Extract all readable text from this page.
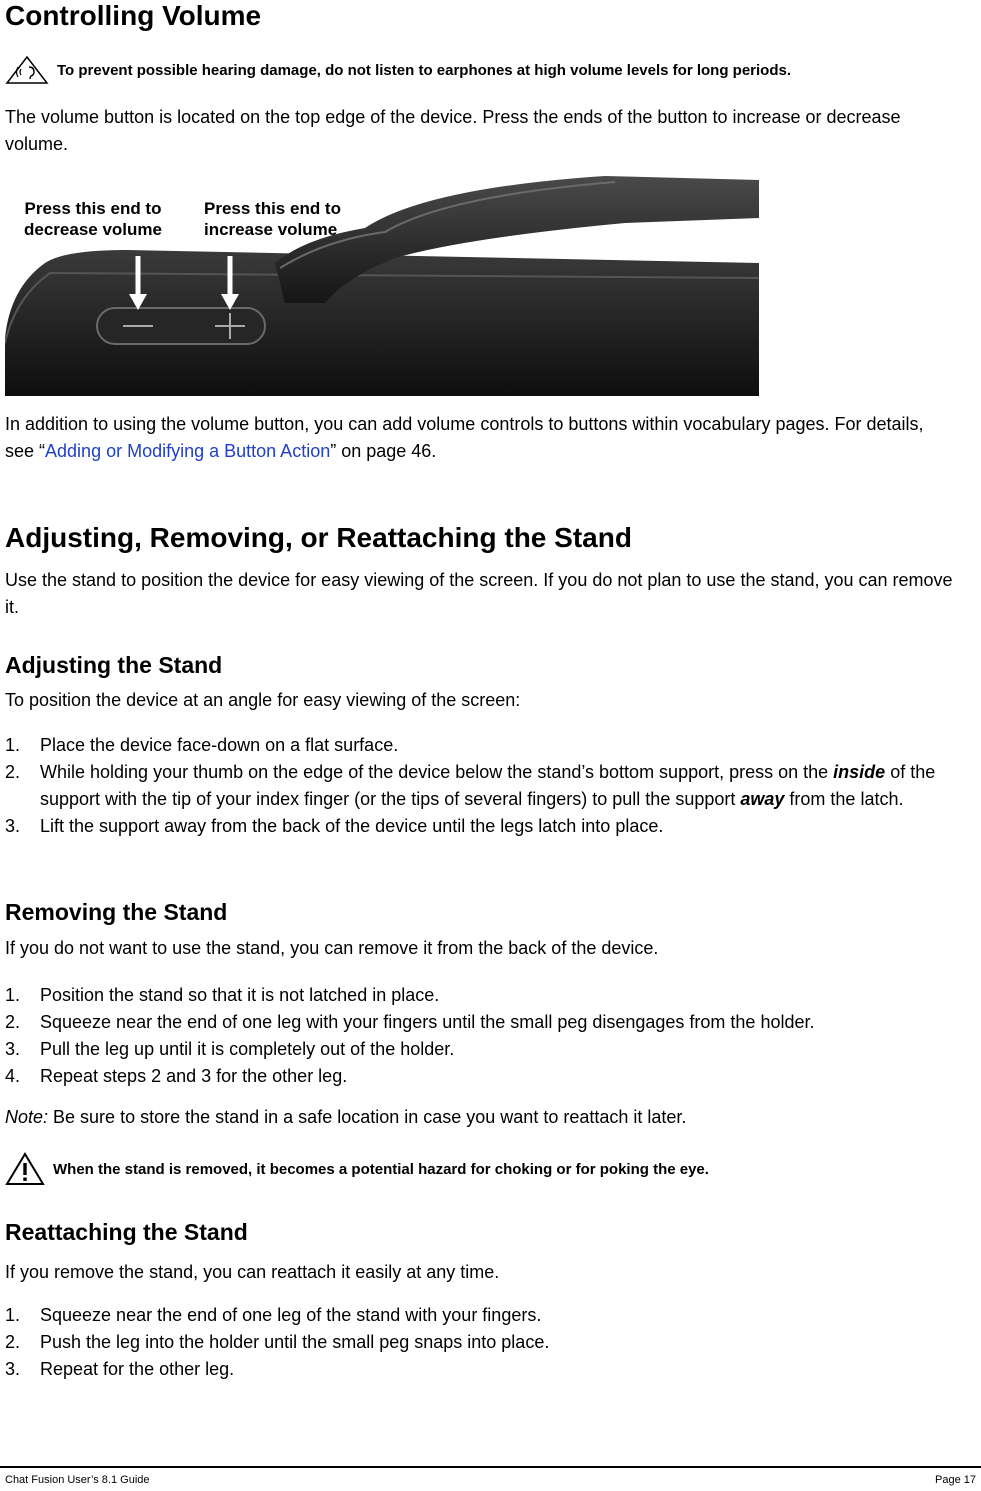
Controlling Volume
To prevent possible hearing damage, do not listen to earphones at high volume levels for long periods.

The volume button is located on the top edge of the device. Press the ends of the button to increase or decrease volume.

Press this end to
decrease volume
Press this end to
increase volume

In addition to using the volume button, you can add volume controls to buttons within vocabulary pages. For details, see “Adding or Modifying a Button Action” on page 46.

Adjusting, Removing, or Reattaching the Stand

Use the stand to position the device for easy viewing of the screen. If you do not plan to use the stand, you can remove it.

Adjusting the Stand

To position the device at an angle for easy viewing of the screen:

1. Place the device face-down on a flat surface.
2. While holding your thumb on the edge of the device below the stand’s bottom support, press on the inside of the support with the tip of your index finger (or the tips of several fingers) to pull the support away from the latch.
3. Lift the support away from the back of the device until the legs latch into place.
Removing the Stand

If you do not want to use the stand, you can remove it from the back of the device.

1. Position the stand so that it is not latched in place.
2. Squeeze near the end of one leg with your fingers until the small peg disengages from the holder.
3. Pull the leg up until it is completely out of the holder.
4. Repeat steps 2 and 3 for the other leg.

Note: Be sure to store the stand in a safe location in case you want to reattach it later.

When the stand is removed, it becomes a potential hazard for choking or for poking the eye.
Reattaching the Stand

If you remove the stand, you can reattach it easily at any time.

1. Squeeze near the end of one leg of the stand with your fingers.
2. Push the leg into the holder until the small peg snaps into place.
3. Repeat for the other leg.
Chat Fusion User’s 8.1 Guide	Page 17
